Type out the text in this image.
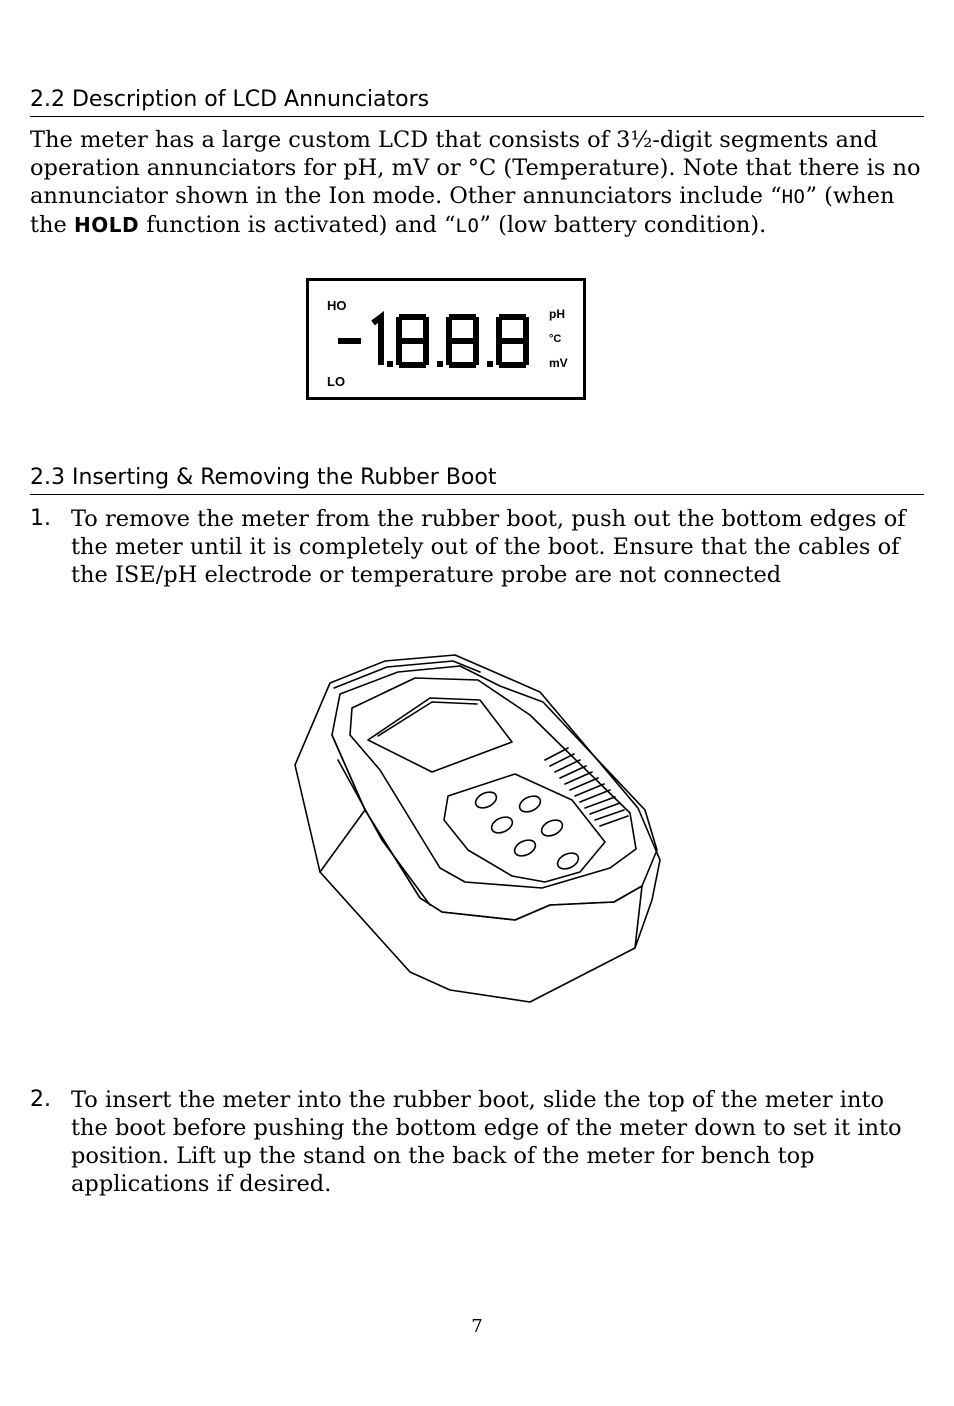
2.2 Description of LCD Annunciators
The meter has a large custom LCD that consists of 3½-digit segments and operation annunciators for pH, mV or °C (Temperature). Note that there is no annunciator shown in the Ion mode. Other annunciators include “HO” (when the HOLD function is activated) and “LO” (low battery condition).
HO
LO
pH
°C
mV
2.3 Inserting & Removing the Rubber Boot
1. To remove the meter from the rubber boot, push out the bottom edges of the meter until it is completely out of the boot. Ensure that the cables of the ISE/pH electrode or temperature probe are not connected
2. To insert the meter into the rubber boot, slide the top of the meter into the boot before pushing the bottom edge of the meter down to set it into position. Lift up the stand on the back of the meter for bench top applications if desired.
7
